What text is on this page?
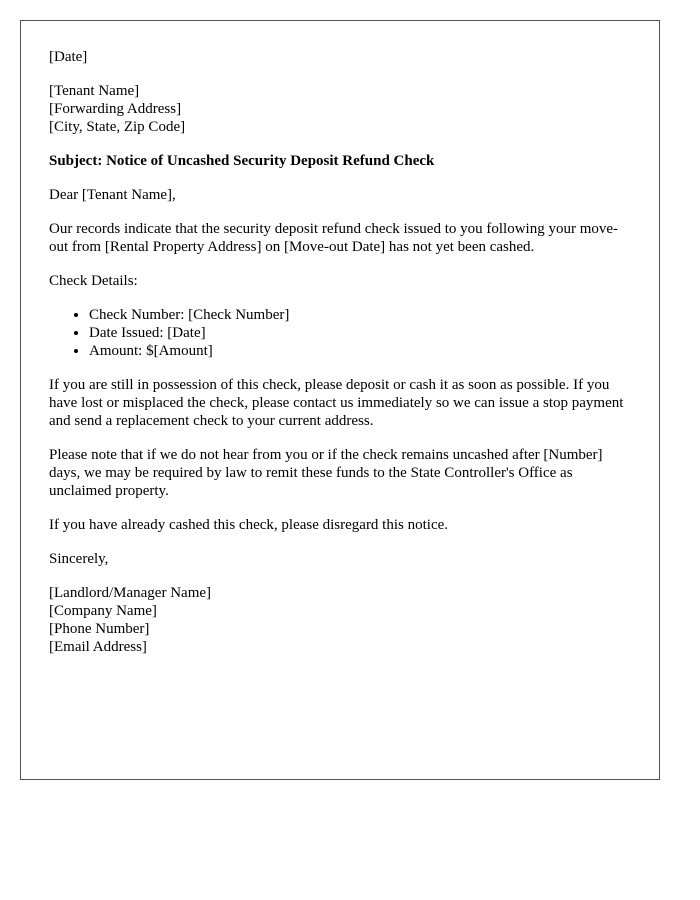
[Date]
[Tenant Name]
[Forwarding Address]
[City, State, Zip Code]

Subject: Notice of Uncashed Security Deposit Refund Check

Dear [Tenant Name],

Our records indicate that the security deposit refund check issued to you following your move-out from [Rental Property Address] on [Move-out Date] has not yet been cashed.

Check Details:

• Check Number: [Check Number]
• Date Issued: [Date]
• Amount: $[Amount]

If you are still in possession of this check, please deposit or cash it as soon as possible. If you have lost or misplaced the check, please contact us immediately so we can issue a stop payment and send a replacement check to your current address.

Please note that if we do not hear from you or if the check remains uncashed after [Number] days, we may be required by law to remit these funds to the State Controller's Office as unclaimed property.

If you have already cashed this check, please disregard this notice.

Sincerely,

[Landlord/Manager Name]
[Company Name]
[Phone Number]
[Email Address]
